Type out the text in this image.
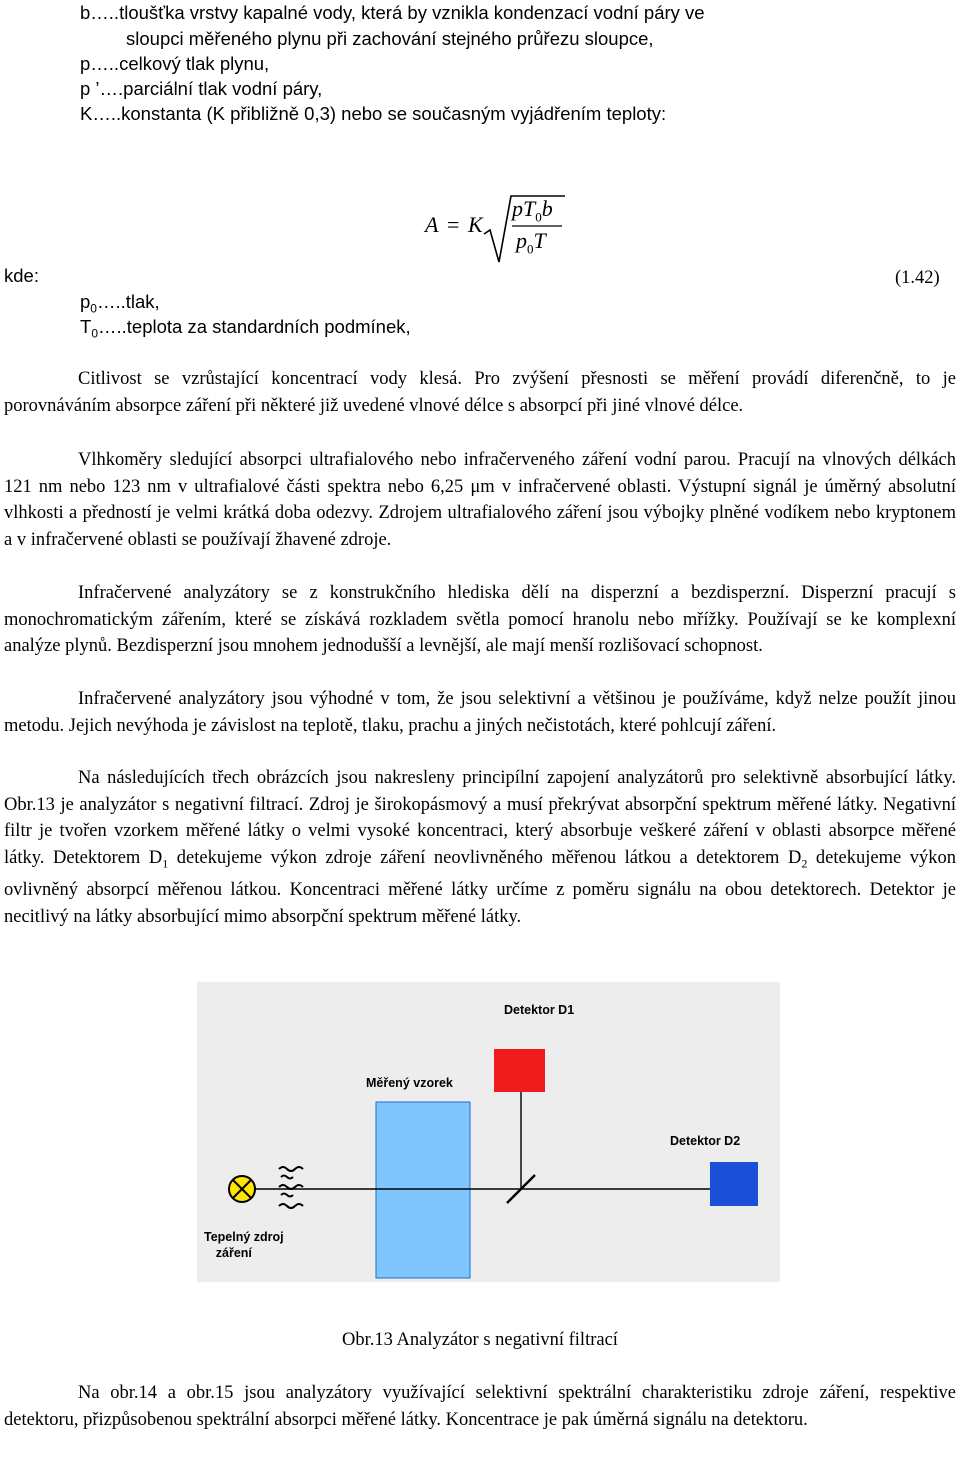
b…..tloušťka vrstvy kapalné vody, která by vznikla kondenzací vodní páry ve
sloupci měřeného plynu při zachování stejného průřezu sloupce,
p…..celkový tlak plynu,
p ’….parciální tlak vodní páry,
K…..konstanta (K přibližně 0,3) nebo se současným vyjádřením teploty:
A = K
$pT_0b$
$p_0T$
(1.42)
kde:
$p_0\dots..tlak$,
$T_0\dots..teplota$ za standardních podmínek,

Citlivost se vzrůstající koncentrací vody klesá. Pro zvýšení přesnosti se měření provádí diferenčně, to je porovnáváním absorpce záření při některé již uvedené vlnové délce s absorpcí při jiné vlnové délce.

Vlhkoměry sledující absorpci ultrafialového nebo infračerveného záření vodní parou. Pracují na vlnových délkách 121 nm nebo 123 nm v ultrafialové části spektra nebo 6,25 μm v infračervené oblasti. Výstupní signál je úměrný absolutní vlhkosti a předností je velmi krátká doba odezvy. Zdrojem ultrafialového záření jsou výbojky plněné vodíkem nebo kryptonem a v infračervené oblasti se používají žhavené zdroje.

Infračervené analyzátory se z konstrukčního hlediska dělí na disperzní a bezdisperzní. Disperzní pracují s monochromatickým zářením, které se získává rozkladem světla pomocí hranolu nebo mřížky. Používají se ke komplexní analýze plynů. Bezdisperzní jsou mnohem jednodušší a levnější, ale mají menší rozlišovací schopnost.

Infračervené analyzátory jsou výhodné v tom, že jsou selektivní a většinou je používáme, když nelze použít jinou metodu. Jejich nevýhoda je závislost na teplotě, tlaku, prachu a jiných nečistotách, které pohlcují záření.

Na následujících třech obrázcích jsou nakresleny principílní zapojení analyzátorů pro selektivně absorbující látky. Obr.13 je analyzátor s negativní filtrací. Zdroj je širokopásmový a musí překrývat absorpční spektrum měřené látky. Negativní filtr je tvořen vzorkem měřené látky o velmi vysoké koncentraci, který absorbuje veškeré záření v oblasti absorpce měřené látky. Detektorem $D_1$ detekujeme výkon zdroje záření neovlivněného měřenou látkou a detektorem $D_2$ detekujeme výkon ovlivněný absorpcí měřenou látkou. Koncentraci měřené látky určíme z poměru signálu na obou detektorech. Detektor je necitlivý na látky absorbující mimo absorpční spektrum měřené látky.

Detektor D1
Měřený vzorek
Detektor D2
Tepelný zdroj
záření
Obr.13 Analyzátor s negativní filtrací

Na obr.14 a obr.15 jsou analyzátory využívající selektivní spektrální charakteristiku zdroje záření, respektive detektoru, přizpůsobenou spektrální absorpci měřené látky. Koncentrace je pak úměrná signálu na detektoru.
